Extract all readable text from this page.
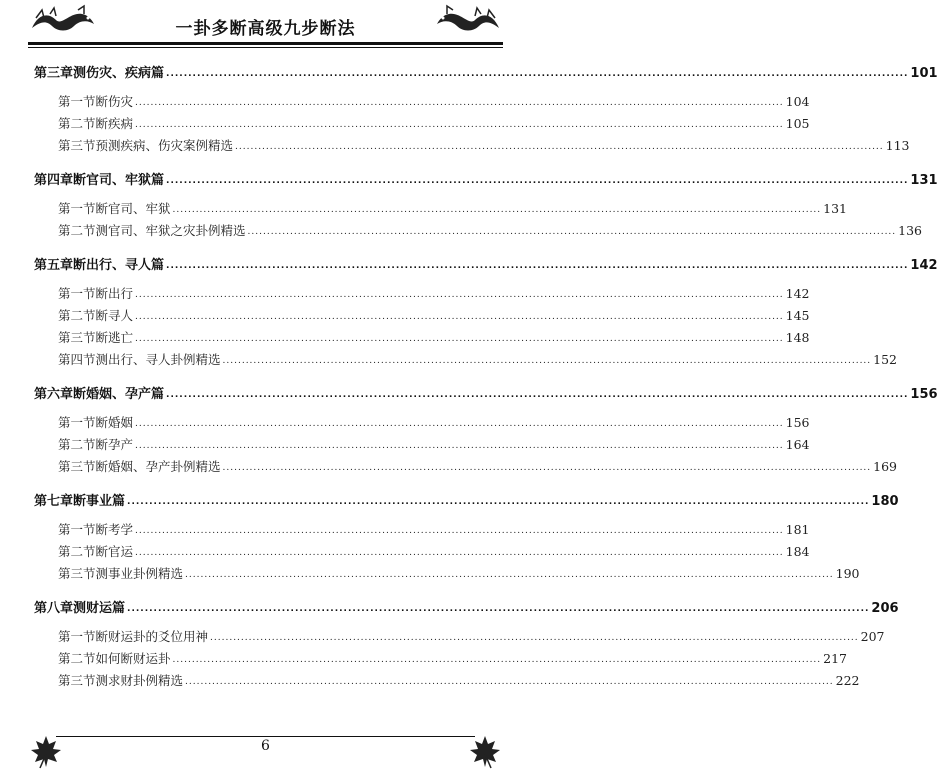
一卦多断高级九步断法
第三章 测伤灾、疾病篇 ........................................................................................................................................................................ 101
第一节 断伤灾 ........................................................................................................................................................................ 104
第二节 断疾病 ........................................................................................................................................................................ 105
第三节 预测疾病、伤灾案例精选 ........................................................................................................................................................................ 113
第四章 断官司、牢狱篇 ........................................................................................................................................................................ 131
第一节 断官司、牢狱 ........................................................................................................................................................................ 131
第二节 测官司、牢狱之灾卦例精选 ........................................................................................................................................................................ 136
第五章 断出行、寻人篇 ........................................................................................................................................................................ 142
第一节 断出行 ........................................................................................................................................................................ 142
第二节 断寻人 ........................................................................................................................................................................ 145
第三节 断逃亡 ........................................................................................................................................................................ 148
第四节 测出行、寻人卦例精选 ........................................................................................................................................................................ 152
第六章 断婚姻、孕产篇 ........................................................................................................................................................................ 156
第一节 断婚姻 ........................................................................................................................................................................ 156
第二节 断孕产 ........................................................................................................................................................................ 164
第三节 断婚姻、孕产卦例精选 ........................................................................................................................................................................ 169
第七章 断事业篇 ........................................................................................................................................................................ 180
第一节 断考学 ........................................................................................................................................................................ 181
第二节 断官运 ........................................................................................................................................................................ 184
第三节 测事业卦例精选 ........................................................................................................................................................................ 190
第八章 测财运篇 ........................................................................................................................................................................ 206
第一节 断财运卦的爻位用神 ........................................................................................................................................................................ 207
第二节 如何断财运卦 ........................................................................................................................................................................ 217
第三节 测求财卦例精选 ........................................................................................................................................................................ 222
6
